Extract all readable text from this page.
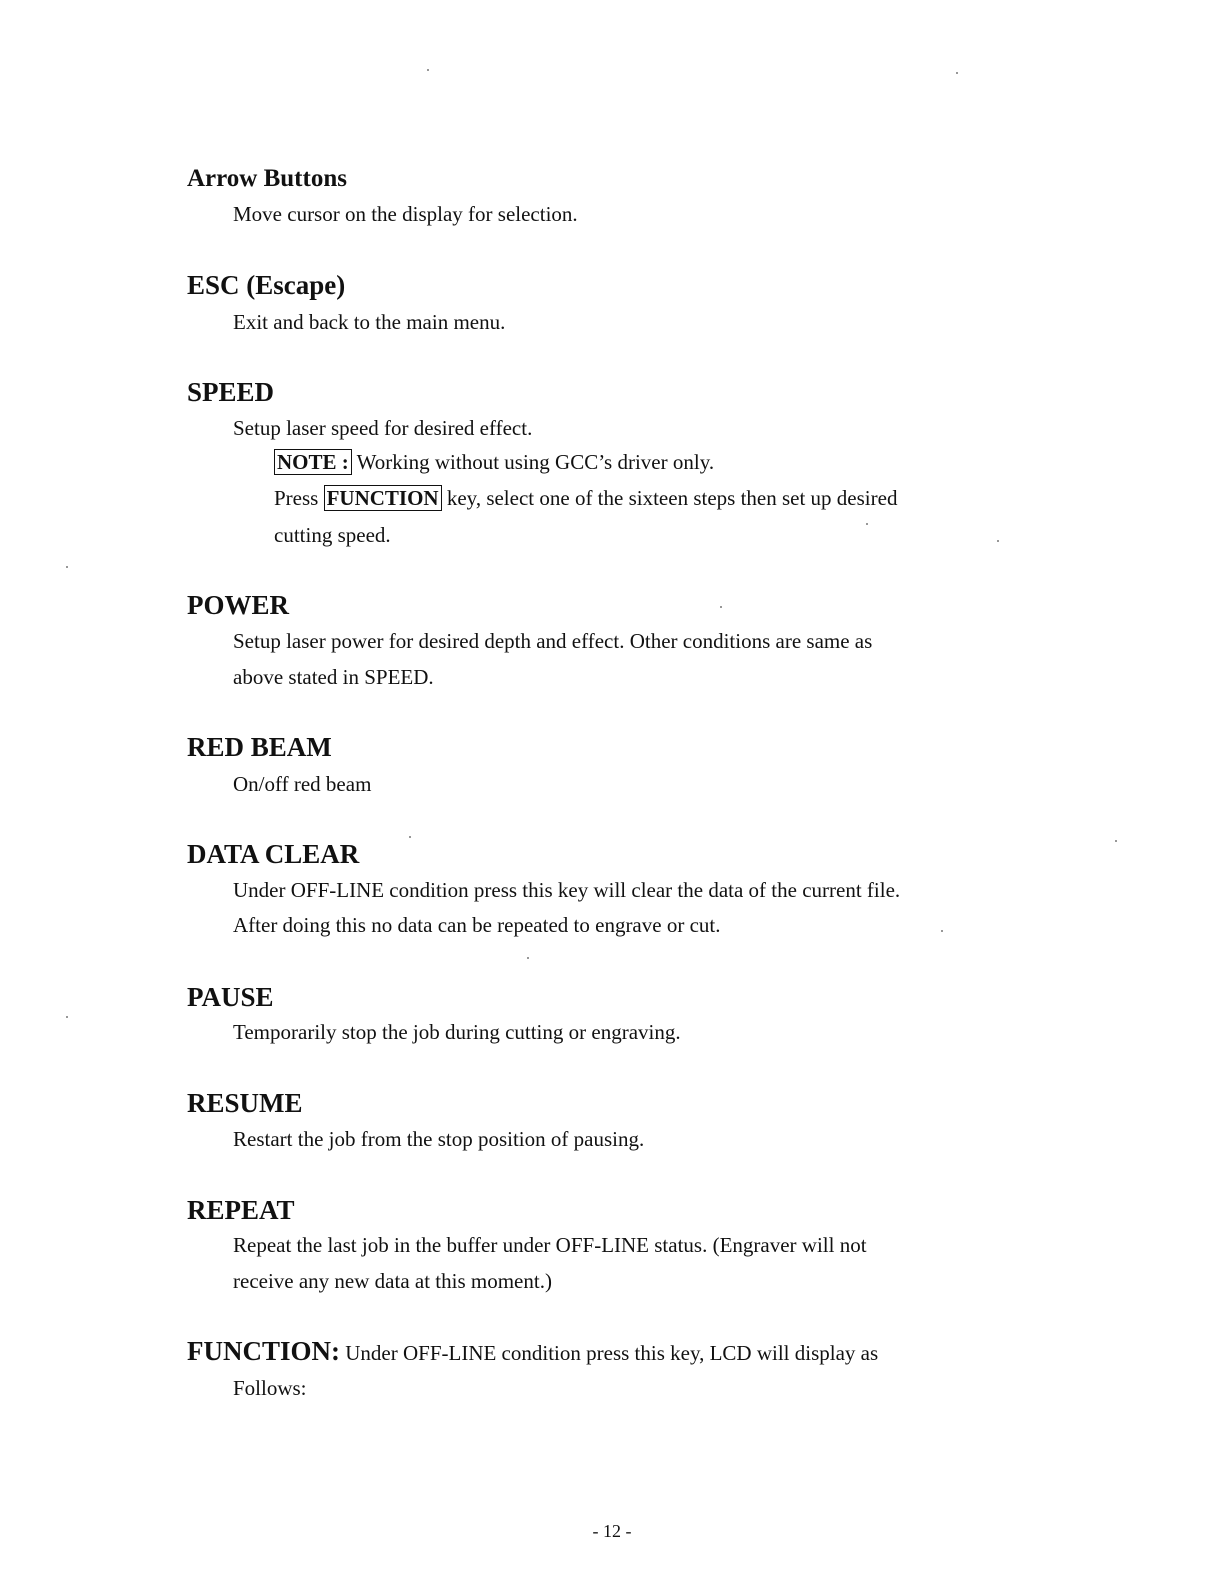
Arrow Buttons
Move cursor on the display for selection.
ESC (Escape)
Exit and back to the main menu.
SPEED
Setup laser speed for desired effect.
NOTE : Working without using GCC’s driver only.
Press FUNCTION key, select one of the sixteen steps then set up desired
cutting speed.
POWER
Setup laser power for desired depth and effect. Other conditions are same as
above stated in SPEED.
RED BEAM
On/off red beam
DATA CLEAR
Under OFF-LINE condition press this key will clear the data of the current file.
After doing this no data can be repeated to engrave or cut.
PAUSE
Temporarily stop the job during cutting or engraving.
RESUME
Restart the job from the stop position of pausing.
REPEAT
Repeat the last job in the buffer under OFF-LINE status. (Engraver will not
receive any new data at this moment.)
FUNCTION: Under OFF-LINE condition press this key, LCD will display as
Follows:
- 12 -
